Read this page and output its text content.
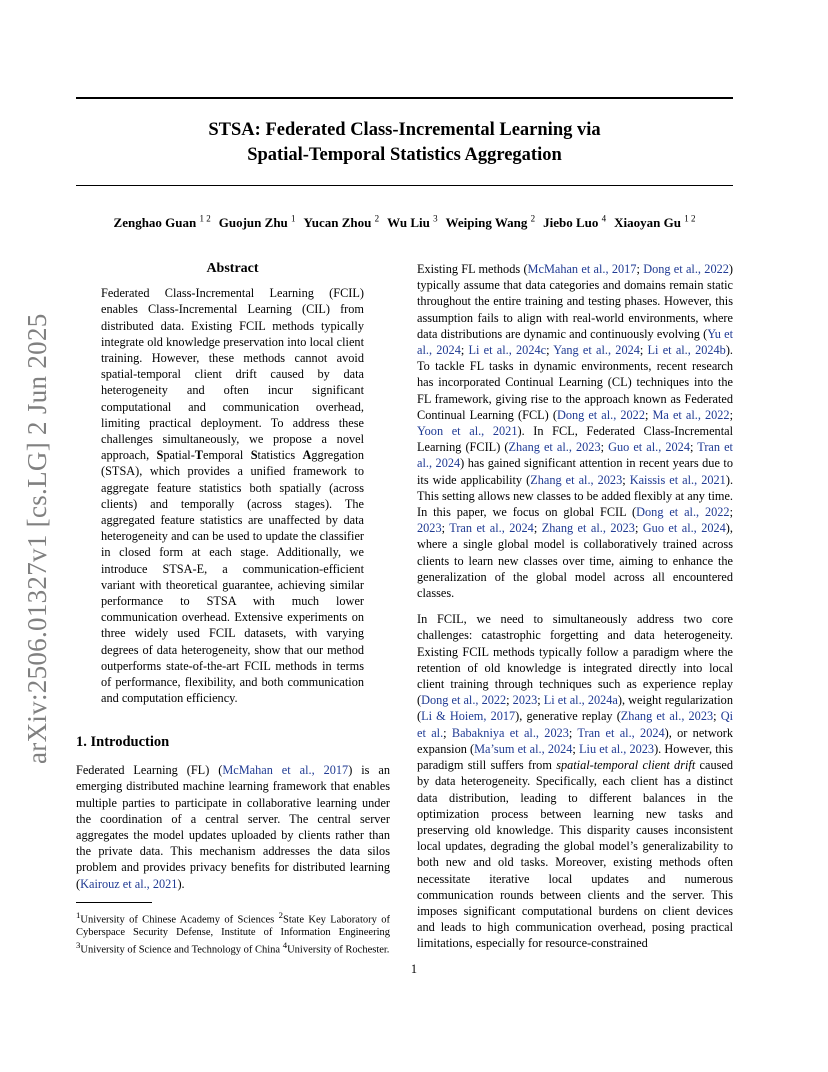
STSA: Federated Class-Incremental Learning via
Spatial-Temporal Statistics Aggregation
Zenghao Guan $^{1 2}$ Guojun Zhu $^1$ Yucan Zhou $^2$ Wu Liu $^3$ Weiping Wang $^2$ Jiebo Luo $^4$ Xiaoyan Gu $^{1 2}$
arXiv:2506.01327v1 [cs.LG] 2 Jun 2025
Abstract

Federated Class-Incremental Learning (FCIL) enables Class-Incremental Learning (CIL) from distributed data. Existing FCIL methods typically integrate old knowledge preservation into local client training. However, these methods cannot avoid spatial-temporal client drift caused by data heterogeneity and often incur significant computational and communication overhead, limiting practical deployment. To address these challenges simultaneously, we propose a novel approach, Spatial-Temporal Statistics Aggregation (STSA), which provides a unified framework to aggregate feature statistics both spatially (across clients) and temporally (across stages). The aggregated feature statistics are unaffected by data heterogeneity and can be used to update the classifier in closed form at each stage. Additionally, we introduce STSA-E, a communication-efficient variant with theoretical guarantee, achieving similar performance to STSA with much lower communication overhead. Extensive experiments on three widely used FCIL datasets, with varying degrees of data heterogeneity, show that our method outperforms state-of-the-art FCIL methods in terms of performance, flexibility, and both communication and computation efficiency.

1. Introduction

Federated Learning (FL) (McMahan et al., 2017) is an emerging distributed machine learning framework that enables multiple parties to participate in collaborative learning under the coordination of a central server. The central server aggregates the model updates uploaded by clients rather than the private data. This mechanism addresses the data silos problem and provides privacy benefits for distributed learning (Kairouz et al., 2021).

$^1$University of Chinese Academy of Sciences $^2$State Key Laboratory of Cyberspace Security Defense, Institute of Information Engineering $^3$University of Science and Technology of China $^4$University of Rochester.

Existing FL methods (McMahan et al., 2017; Dong et al., 2022) typically assume that data categories and domains remain static throughout the entire training and testing phases. However, this assumption fails to align with real-world environments, where data distributions are dynamic and continuously evolving (Yu et al., 2024; Li et al., 2024c; Yang et al., 2024; Li et al., 2024b). To tackle FL tasks in dynamic environments, recent research has incorporated Continual Learning (CL) techniques into the FL framework, giving rise to the approach known as Federated Continual Learning (FCL) (Dong et al., 2022; Ma et al., 2022; Yoon et al., 2021). In FCL, Federated Class-Incremental Learning (FCIL) (Zhang et al., 2023; Guo et al., 2024; Tran et al., 2024) has gained significant attention in recent years due to its wide applicability (Zhang et al., 2023; Kaissis et al., 2021). This setting allows new classes to be added flexibly at any time. In this paper, we focus on global FCIL (Dong et al., 2022; 2023; Tran et al., 2024; Zhang et al., 2023; Guo et al., 2024), where a single global model is collaboratively trained across clients to learn new classes over time, aiming to enhance the generalization of the global model across all encountered classes.

In FCIL, we need to simultaneously address two core challenges: catastrophic forgetting and data heterogeneity. Existing FCIL methods typically follow a paradigm where the retention of old knowledge is integrated directly into local client training through techniques such as experience replay (Dong et al., 2022; 2023; Li et al., 2024a), weight regularization (Li & Hoiem, 2017), generative replay (Zhang et al., 2023; Qi et al.; Babakniya et al., 2023; Tran et al., 2024), or network expansion (Ma’sum et al., 2024; Liu et al., 2023). However, this paradigm still suffers from spatial-temporal client drift caused by data heterogeneity. Specifically, each client has a distinct data distribution, leading to different balances in the optimization process between learning new tasks and preserving old knowledge. This disparity causes inconsistent local updates, degrading the global model’s generalizability to both new and old tasks. Moreover, existing methods often necessitate iterative local updates and numerous communication rounds between clients and the server. This imposes significant computational burdens on client devices and leads to high communication overhead, posing practical limitations, especially for resource-constrained

1
